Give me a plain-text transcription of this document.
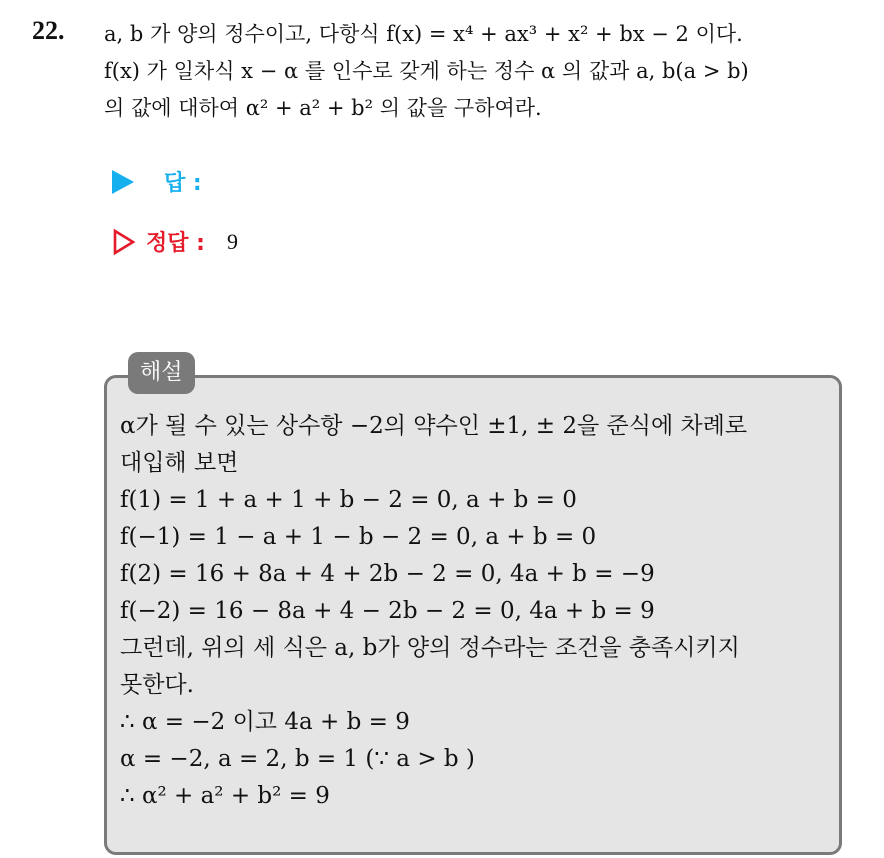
22. a, b 가 양의 정수이고, 다항식 f(x) = x⁴ + ax³ + x² + bx − 2 이다.
f(x) 가 일차식 x − α 를 인수로 갖게 하는 정수 α 의 값과 a, b(a > b)
의 값에 대하여 α² + a² + b² 의 값을 구하여라.
답 :
정답 : 9
해설
α가 될 수 있는 상수항 −2의 약수인 ±1, ± 2을 준식에 차례로
대입해 보면
f(1) = 1 + a + 1 + b − 2 = 0, a + b = 0
f(−1) = 1 − a + 1 − b − 2 = 0, a + b = 0
f(2) = 16 + 8a + 4 + 2b − 2 = 0, 4a + b = −9
f(−2) = 16 − 8a + 4 − 2b − 2 = 0, 4a + b = 9
그런데, 위의 세 식은 a, b가 양의 정수라는 조건을 충족시키지
못한다.
∴ α = −2 이고 4a + b = 9
α = −2, a = 2, b = 1 (∵ a > b )
∴ α² + a² + b² = 9
